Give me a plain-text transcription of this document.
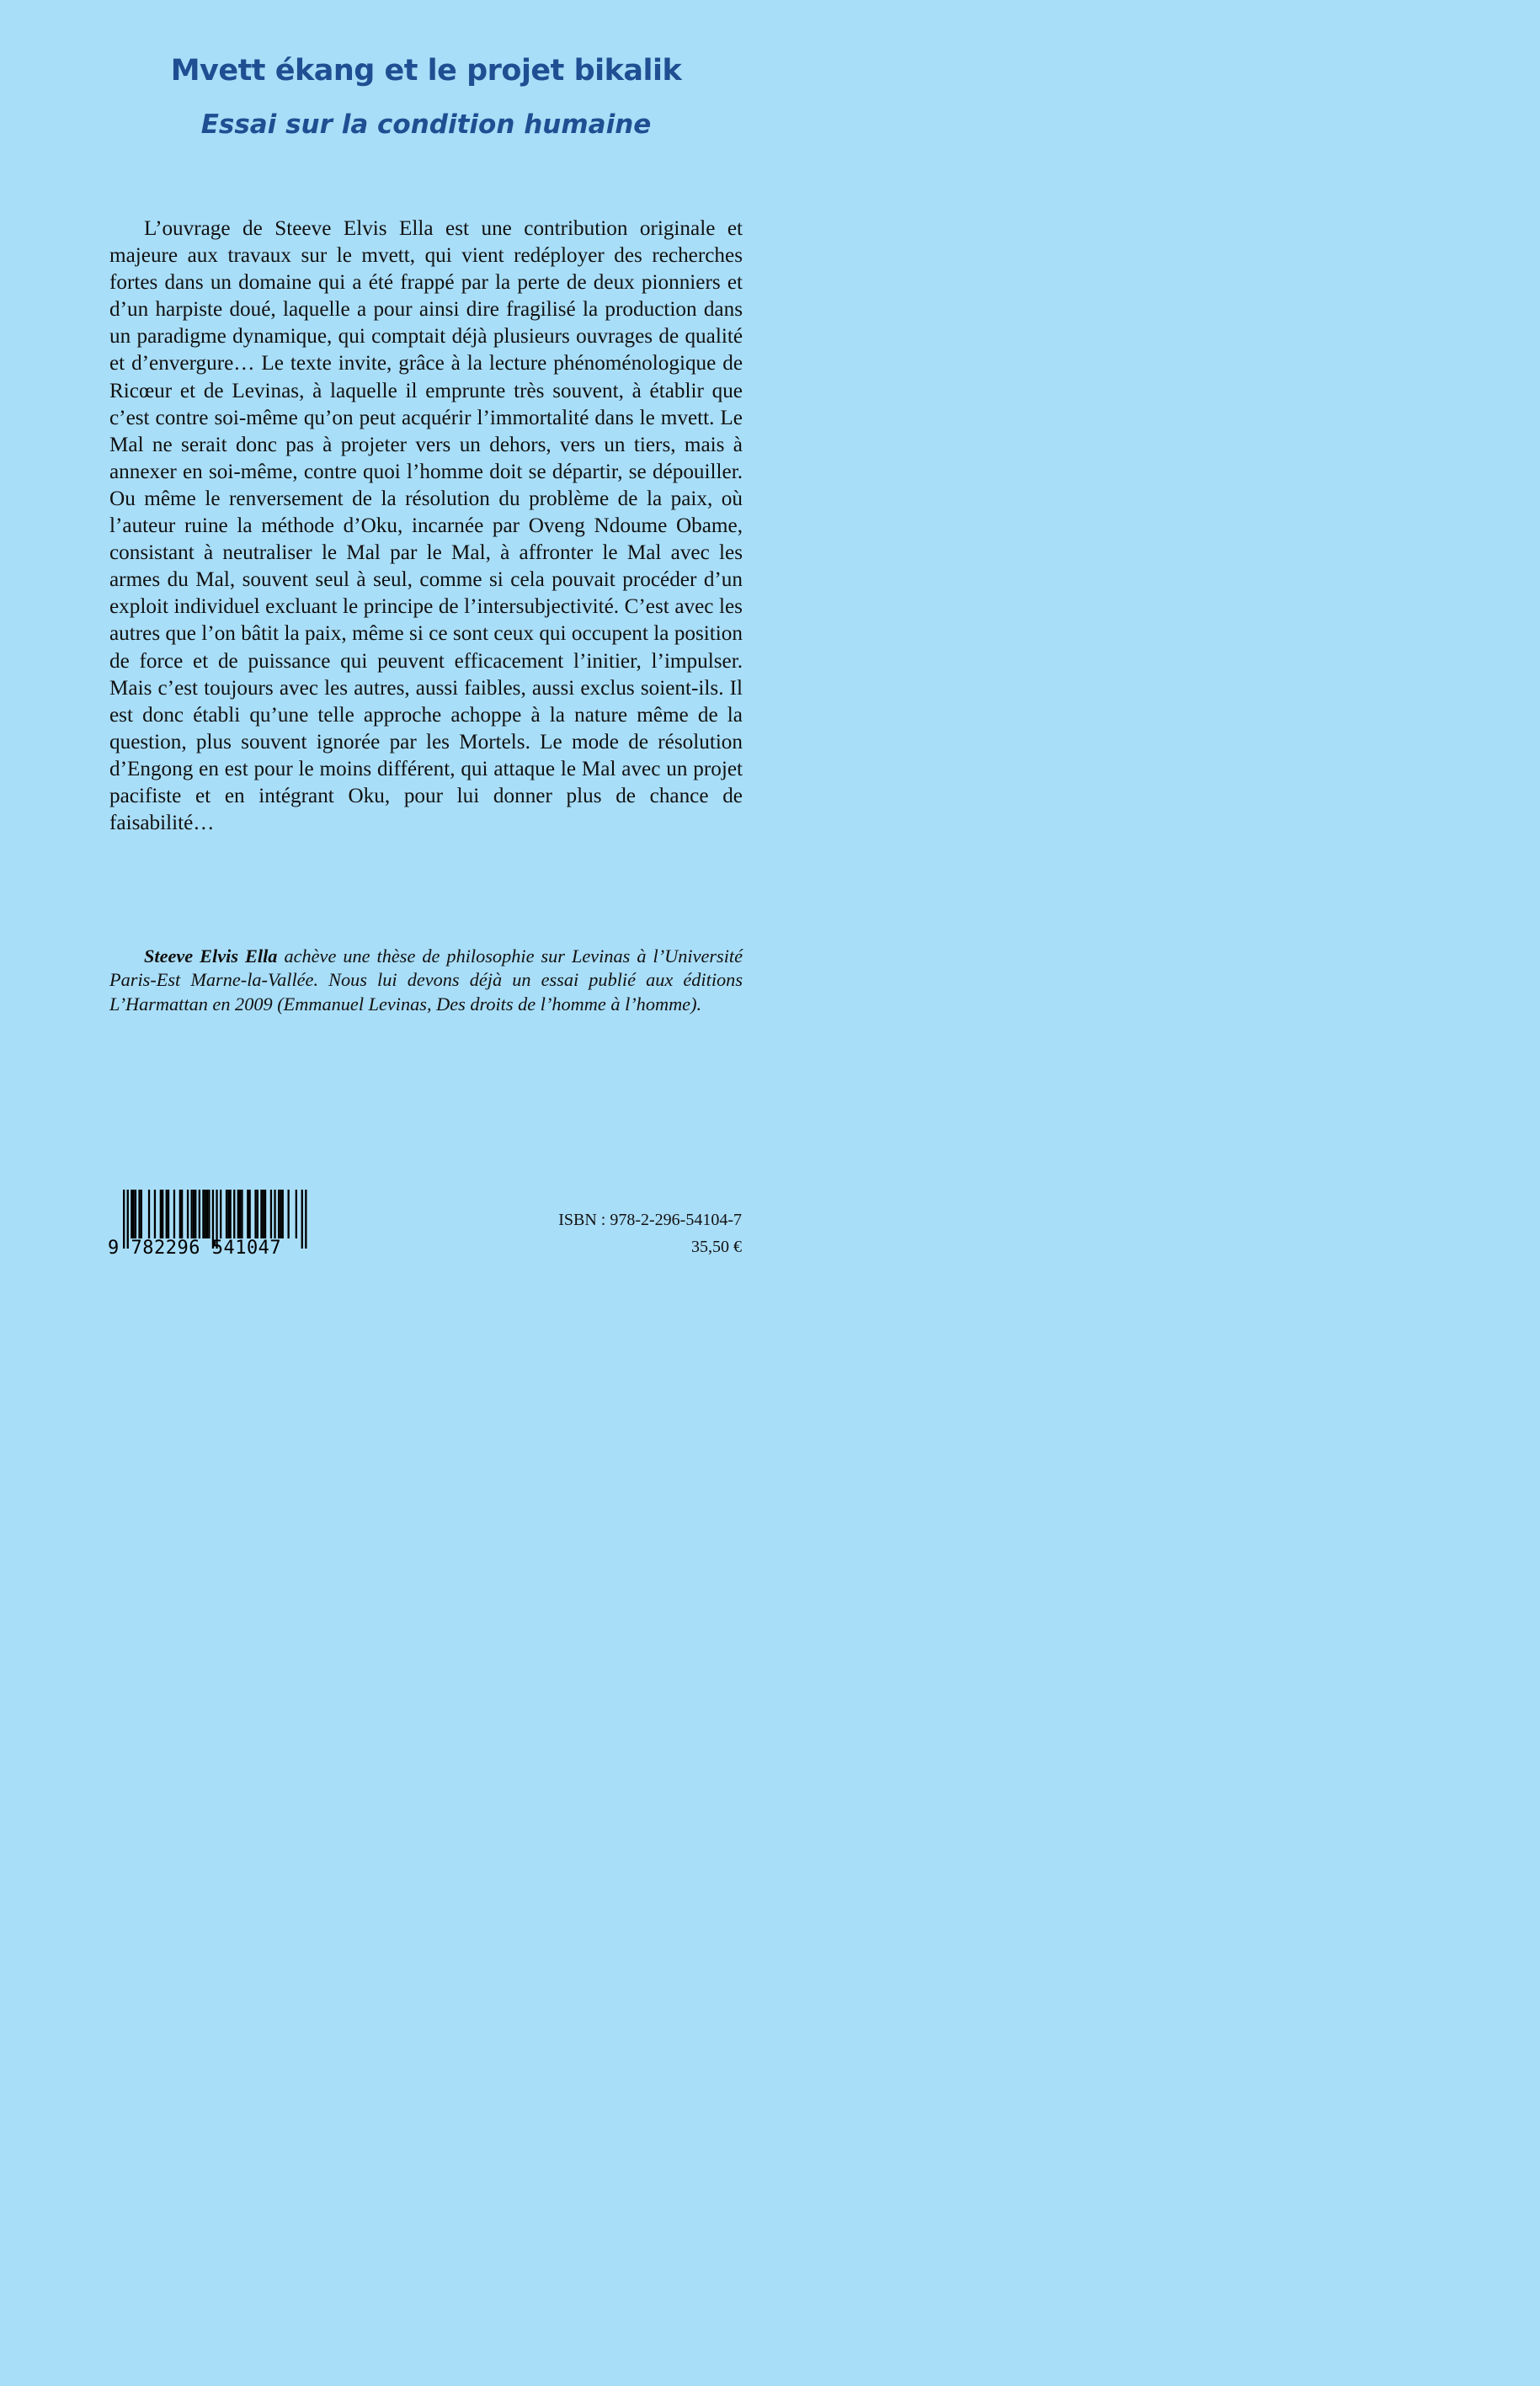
Mvett ékang et le projet bikalik
Essai sur la condition humaine

L’ouvrage de Steeve Elvis Ella est une contribution originale et majeure aux travaux sur le mvett, qui vient redéployer des recherches fortes dans un domaine qui a été frappé par la perte de deux pionniers et d’un harpiste doué, laquelle a pour ainsi dire fragilisé la production dans un paradigme dynamique, qui comptait déjà plusieurs ouvrages de qualité et d’envergure… Le texte invite, grâce à la lecture phénoménologique de Ricœur et de Levinas, à laquelle il emprunte très souvent, à établir que c’est contre soi-même qu’on peut acquérir l’immortalité dans le mvett. Le Mal ne serait donc pas à projeter vers un dehors, vers un tiers, mais à annexer en soi-même, contre quoi l’homme doit se départir, se dépouiller. Ou même le renversement de la résolution du problème de la paix, où l’auteur ruine la méthode d’Oku, incarnée par Oveng Ndoume Obame, consistant à neutraliser le Mal par le Mal, à affronter le Mal avec les armes du Mal, souvent seul à seul, comme si cela pouvait procéder d’un exploit individuel excluant le principe de l’intersubjectivité. C’est avec les autres que l’on bâtit la paix, même si ce sont ceux qui occupent la position de force et de puissance qui peuvent efficacement l’initier, l’impulser. Mais c’est toujours avec les autres, aussi faibles, aussi exclus soient-ils. Il est donc établi qu’une telle approche achoppe à la nature même de la question, plus souvent ignorée par les Mortels. Le mode de résolution d’Engong en est pour le moins différent, qui attaque le Mal avec un projet pacifiste et en intégrant Oku, pour lui donner plus de chance de faisabilité…

Steeve Elvis Ella achève une thèse de philosophie sur Levinas à l’Université Paris-Est Marne-la-Vallée. Nous lui devons déjà un essai publié aux éditions L’Harmattan en 2009 (Emmanuel Levinas, Des droits de l’homme à l’homme).

9 782296 541047
ISBN : 978-2-296-54104-7
35,50 €
